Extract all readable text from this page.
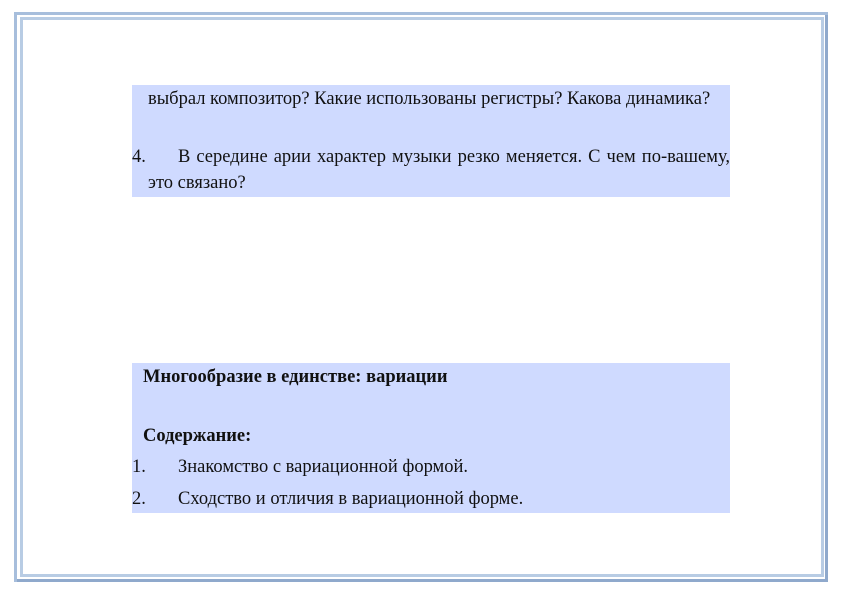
выбрал композитор? Какие использованы регистры? Какова динамика?
4.	В середине арии характер музыки резко меняется. С чем по-вашему, это связано?
Многообразие в единстве: вариации
Содержание:
1. Знакомство с вариационной формой.
2. Сходство и отличия в вариационной форме.
